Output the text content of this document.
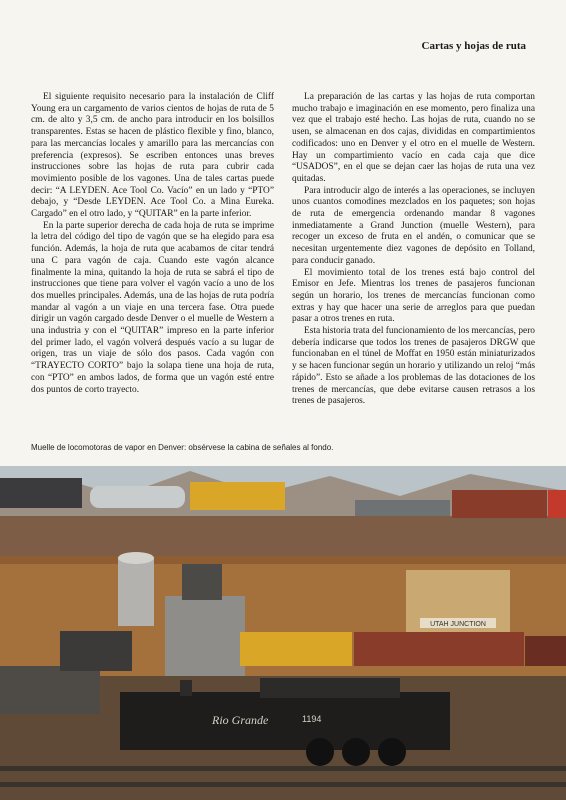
Cartas y hojas de ruta

El siguiente requisito necesario para la instalación de Cliff Young era un cargamento de varios cientos de hojas de ruta de 5 cm. de alto y 3,5 cm. de ancho para introducir en los bolsillos transparentes. Estas se hacen de plástico flexible y fino, blanco, para las mercancías locales y amarillo para las mercancías con preferencia (expresos). Se escriben entonces unas breves instrucciones sobre las hojas de ruta para cubrir cada movimiento posible de los vagones. Una de tales cartas puede decir: “A LEYDEN. Ace Tool Co. Vacío” en un lado y “PTO” debajo, y “Desde LEYDEN. Ace Tool Co. a Mina Eureka. Cargado” en el otro lado, y “QUITAR” en la parte inferior.

En la parte superior derecha de cada hoja de ruta se imprime la letra del código del tipo de vagón que se ha elegido para esa función. Además, la hoja de ruta que acabamos de citar tendrá una C para vagón de caja. Cuando este vagón alcance finalmente la mina, quitando la hoja de ruta se sabrá el tipo de instrucciones que tiene para volver el vagón vacío a uno de los dos muelles principales. Además, una de las hojas de ruta podría mandar al vagón a un viaje en una tercera fase. Otra puede dirigir un vagón cargado desde Denver o el muelle de Western a una industria y con el “QUITAR” impreso en la parte inferior del primer lado, el vagón volverá después vacío a su lugar de origen, tras un viaje de sólo dos pasos. Cada vagón con “TRAYECTO CORTO” bajo la solapa tiene una hoja de ruta, con “PTO” en ambos lados, de forma que un vagón esté entre dos puntos de corto trayecto.

La preparación de las cartas y las hojas de ruta comportan mucho trabajo e imaginación en ese momento, pero finaliza una vez que el trabajo esté hecho. Las hojas de ruta, cuando no se usen, se almacenan en dos cajas, divididas en compartimientos codificados: uno en Denver y el otro en el muelle de Western. Hay un compartimiento vacío en cada caja que dice “USADOS”, en el que se dejan caer las hojas de ruta una vez quitadas.

Para introducir algo de interés a las operaciones, se incluyen unos cuantos comodines mezclados en los paquetes; son hojas de ruta de emergencia ordenando mandar 8 vagones inmediatamente a Grand Junction (muelle Western), para recoger un exceso de fruta en el andén, o comunicar que se necesitan urgentemente diez vagones de depósito en Tolland, para conducir ganado.

El movimiento total de los trenes está bajo control del Emisor en Jefe. Mientras los trenes de pasajeros funcionan según un horario, los trenes de mercancías funcionan como extras y hay que hacer una serie de arreglos para que puedan pasar a otros trenes en ruta.

Esta historia trata del funcionamiento de los mercancías, pero debería indicarse que todos los trenes de pasajeros DRGW que funcionaban en el túnel de Moffat en 1950 están miniaturizados y se hacen funcionar según un horario y utilizando un reloj “más rápido”. Esto se añade a los problemas de las dotaciones de los trenes de mercancías, que debe evitarse causen retrasos a los trenes de pasajeros.

Muelle de locomotoras de vapor en Denver: obsérvese la cabina de señales al fondo.
UTAH JUNCTION
Rio Grande	1194
